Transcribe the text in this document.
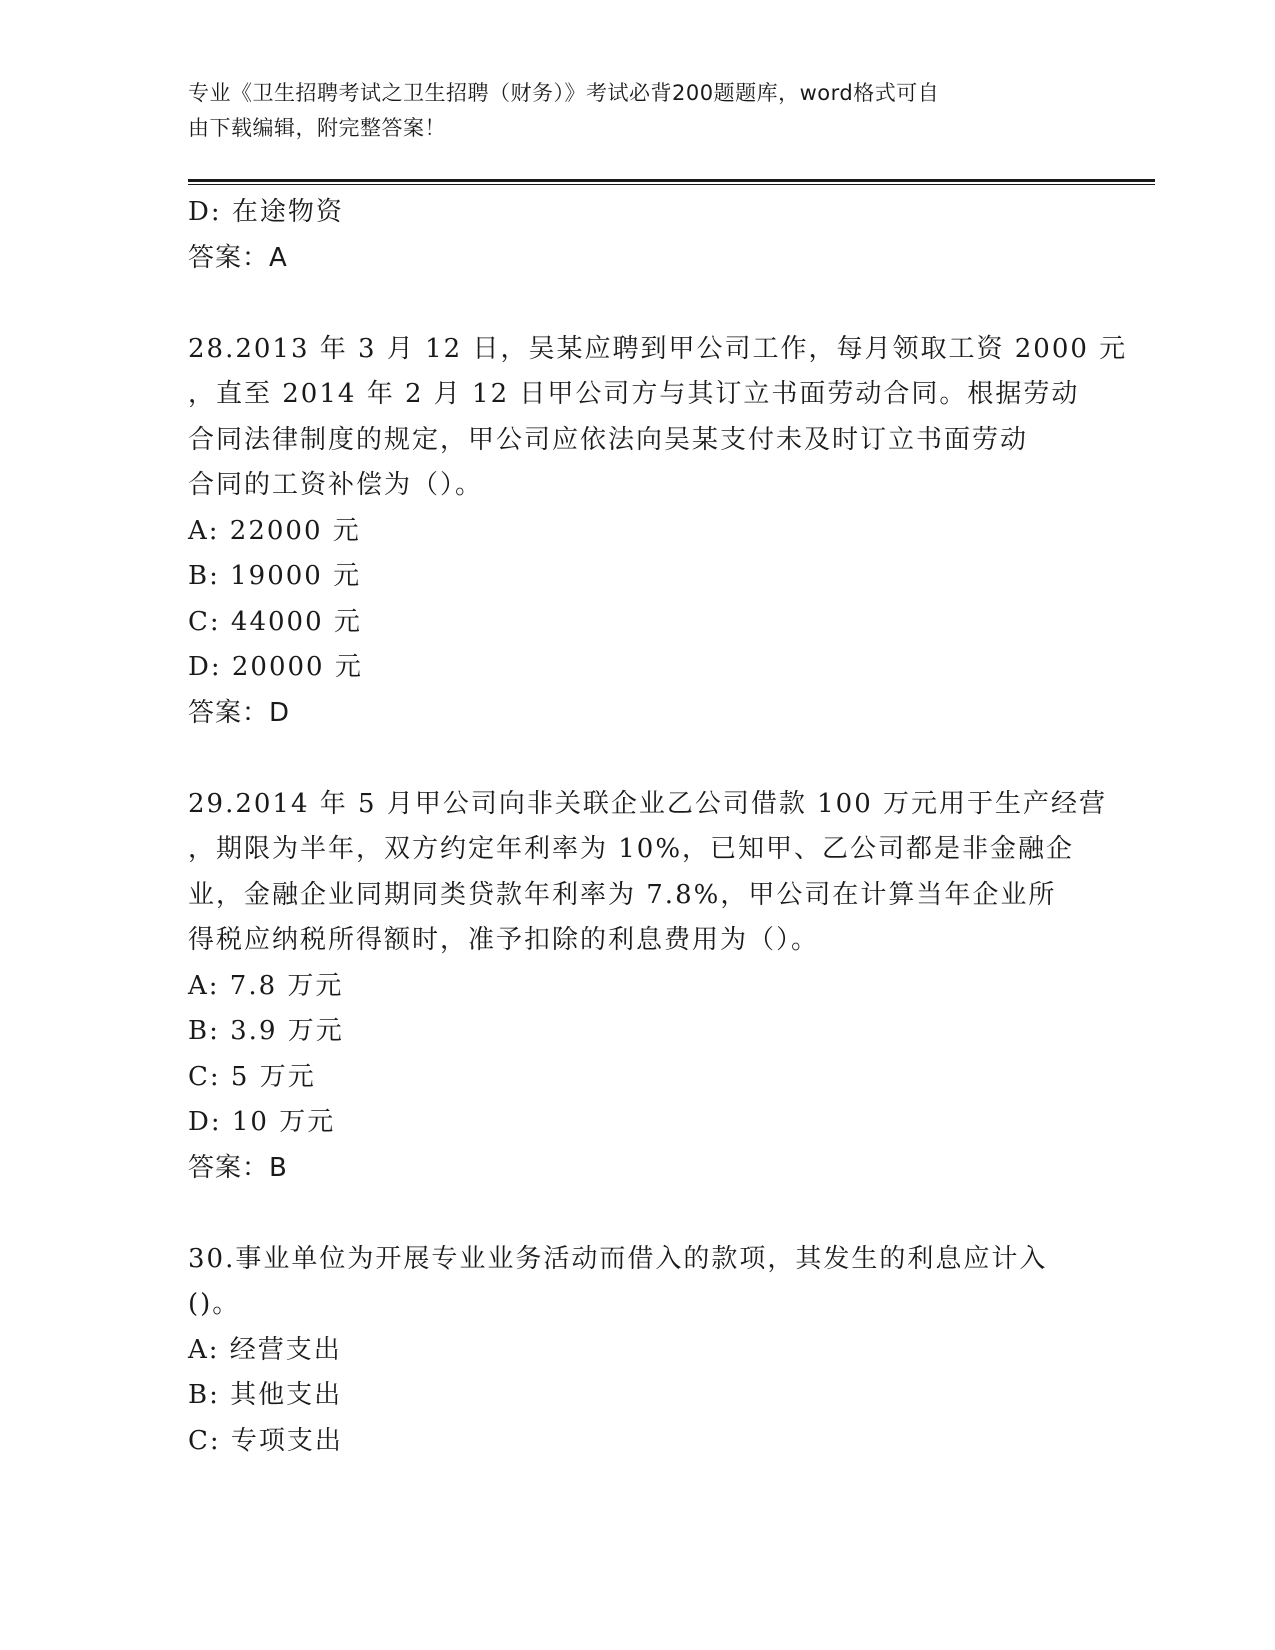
专业《卫生招聘考试之卫生招聘（财务）》考试必背200题题库，word格式可自
由下载编辑，附完整答案！
D: 在途物资
答案：A
28.2013 年 3 月 12 日，吴某应聘到甲公司工作，每月领取工资 2000 元
，直至 2014 年 2 月 12 日甲公司方与其订立书面劳动合同。根据劳动
合同法律制度的规定，甲公司应依法向吴某支付未及时订立书面劳动
合同的工资补偿为（）。
A: 22000 元
B: 19000 元
C: 44000 元
D: 20000 元
答案：D
29.2014 年 5 月甲公司向非关联企业乙公司借款 100 万元用于生产经营
，期限为半年，双方约定年利率为 10%，已知甲、乙公司都是非金融企
业，金融企业同期同类贷款年利率为 7.8%，甲公司在计算当年企业所
得税应纳税所得额时，准予扣除的利息费用为（）。
A: 7.8 万元
B: 3.9 万元
C: 5 万元
D: 10 万元
答案：B
30.事业单位为开展专业业务活动而借入的款项，其发生的利息应计入
()。
A: 经营支出
B: 其他支出
C: 专项支出
